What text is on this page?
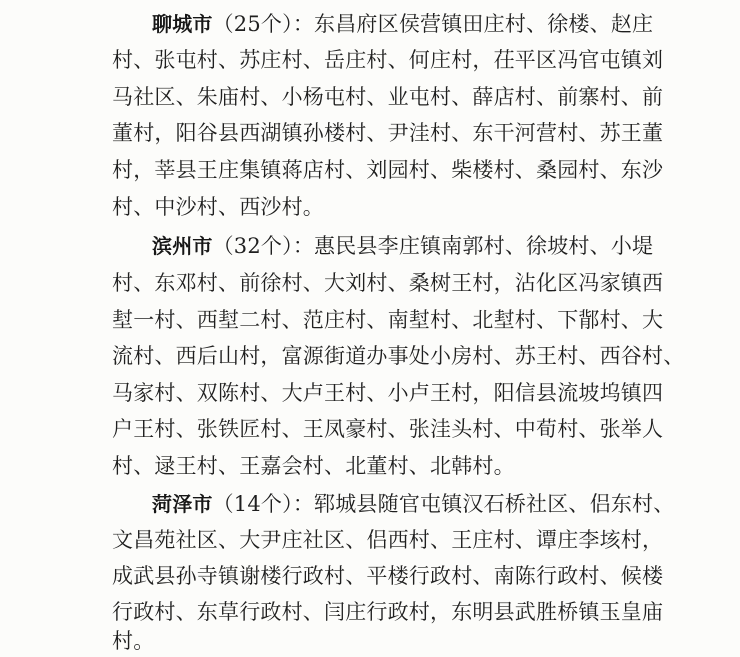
聊城市（25个）：东昌府区侯营镇田庄村、徐楼、赵庄
村、张屯村、苏庄村、岳庄村、何庄村，茌平区冯官屯镇刘
马社区、朱庙村、小杨屯村、业屯村、薛店村、前寨村、前
董村，阳谷县西湖镇孙楼村、尹洼村、东干河营村、苏王董
村，莘县王庄集镇蒋店村、刘园村、柴楼村、桑园村、东沙
村、中沙村、西沙村。
滨州市（32个）：惠民县李庄镇南郭村、徐坡村、小堤
村、东邓村、前徐村、大刘村、桑树王村，沾化区冯家镇西
堼一村、西堼二村、范庄村、南堼村、北堼村、下鄁村、大
流村、西后山村，富源街道办事处小房村、苏王村、西谷村、
马家村、双陈村、大卢王村、小卢王村，阳信县流坡坞镇四
户王村、张铁匠村、王凤豪村、张洼头村、中荀村、张举人
村、逯王村、王嘉会村、北董村、北韩村。
菏泽市（14个）：郓城县随官屯镇汉石桥社区、侣东村、
文昌苑社区、大尹庄社区、侣西村、王庄村、谭庄李垓村，
成武县孙寺镇谢楼行政村、平楼行政村、南陈行政村、候楼
行政村、东草行政村、闫庄行政村，东明县武胜桥镇玉皇庙
村。
